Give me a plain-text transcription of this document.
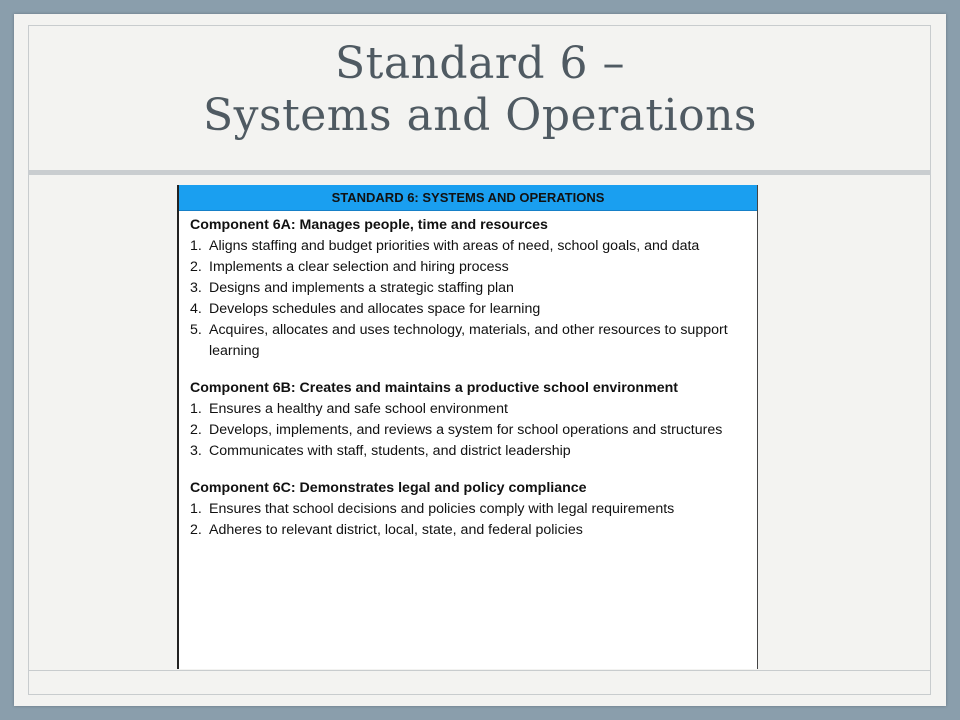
Standard 6 –
Systems and Operations
STANDARD 6: SYSTEMS AND OPERATIONS
Component 6A: Manages people, time and resources
1. Aligns staffing and budget priorities with areas of need, school goals, and data
2. Implements a clear selection and hiring process
3. Designs and implements a strategic staffing plan
4. Develops schedules and allocates space for learning
5. Acquires, allocates and uses technology, materials, and other resources to support learning
Component 6B: Creates and maintains a productive school environment
1. Ensures a healthy and safe school environment
2. Develops, implements, and reviews a system for school operations and structures
3. Communicates with staff, students, and district leadership
Component 6C: Demonstrates legal and policy compliance
1. Ensures that school decisions and policies comply with legal requirements
2. Adheres to relevant district, local, state, and federal policies
